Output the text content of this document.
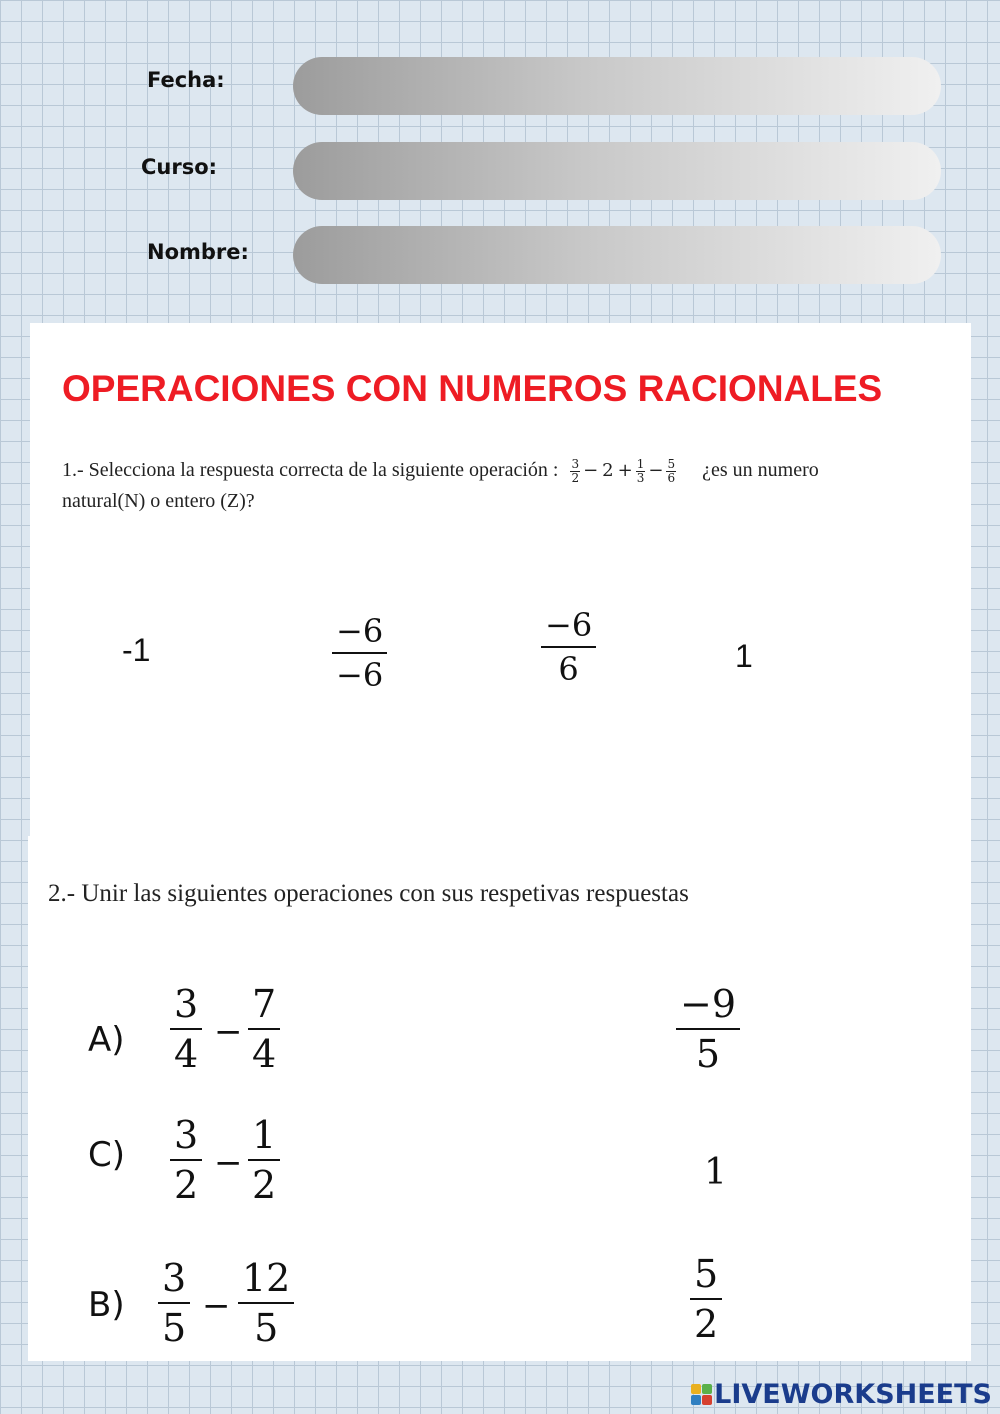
Fecha:
Curso:
Nombre:
OPERACIONES CON NUMEROS RACIONALES
1.- Selecciona la respuesta correcta de la siguiente operación : $\frac{3}{2} - 2 + \frac{1}{3} - \frac{5}{6}$ ¿es un numero natural(N) o entero (Z)?
-1	$\frac{-6}{-6}$	$\frac{-6}{6}$	1
2.- Unir las siguientes operaciones con sus respetivas respuestas
$A) \frac{3}{4} - \frac{7}{4}$
$C) \frac{3}{2} - \frac{1}{2}$
$B) \frac{3}{5} - \frac{12}{5}$
$\frac{-9}{5}$
1
$\frac{5}{2}$
LIVEWORKSHEETS
